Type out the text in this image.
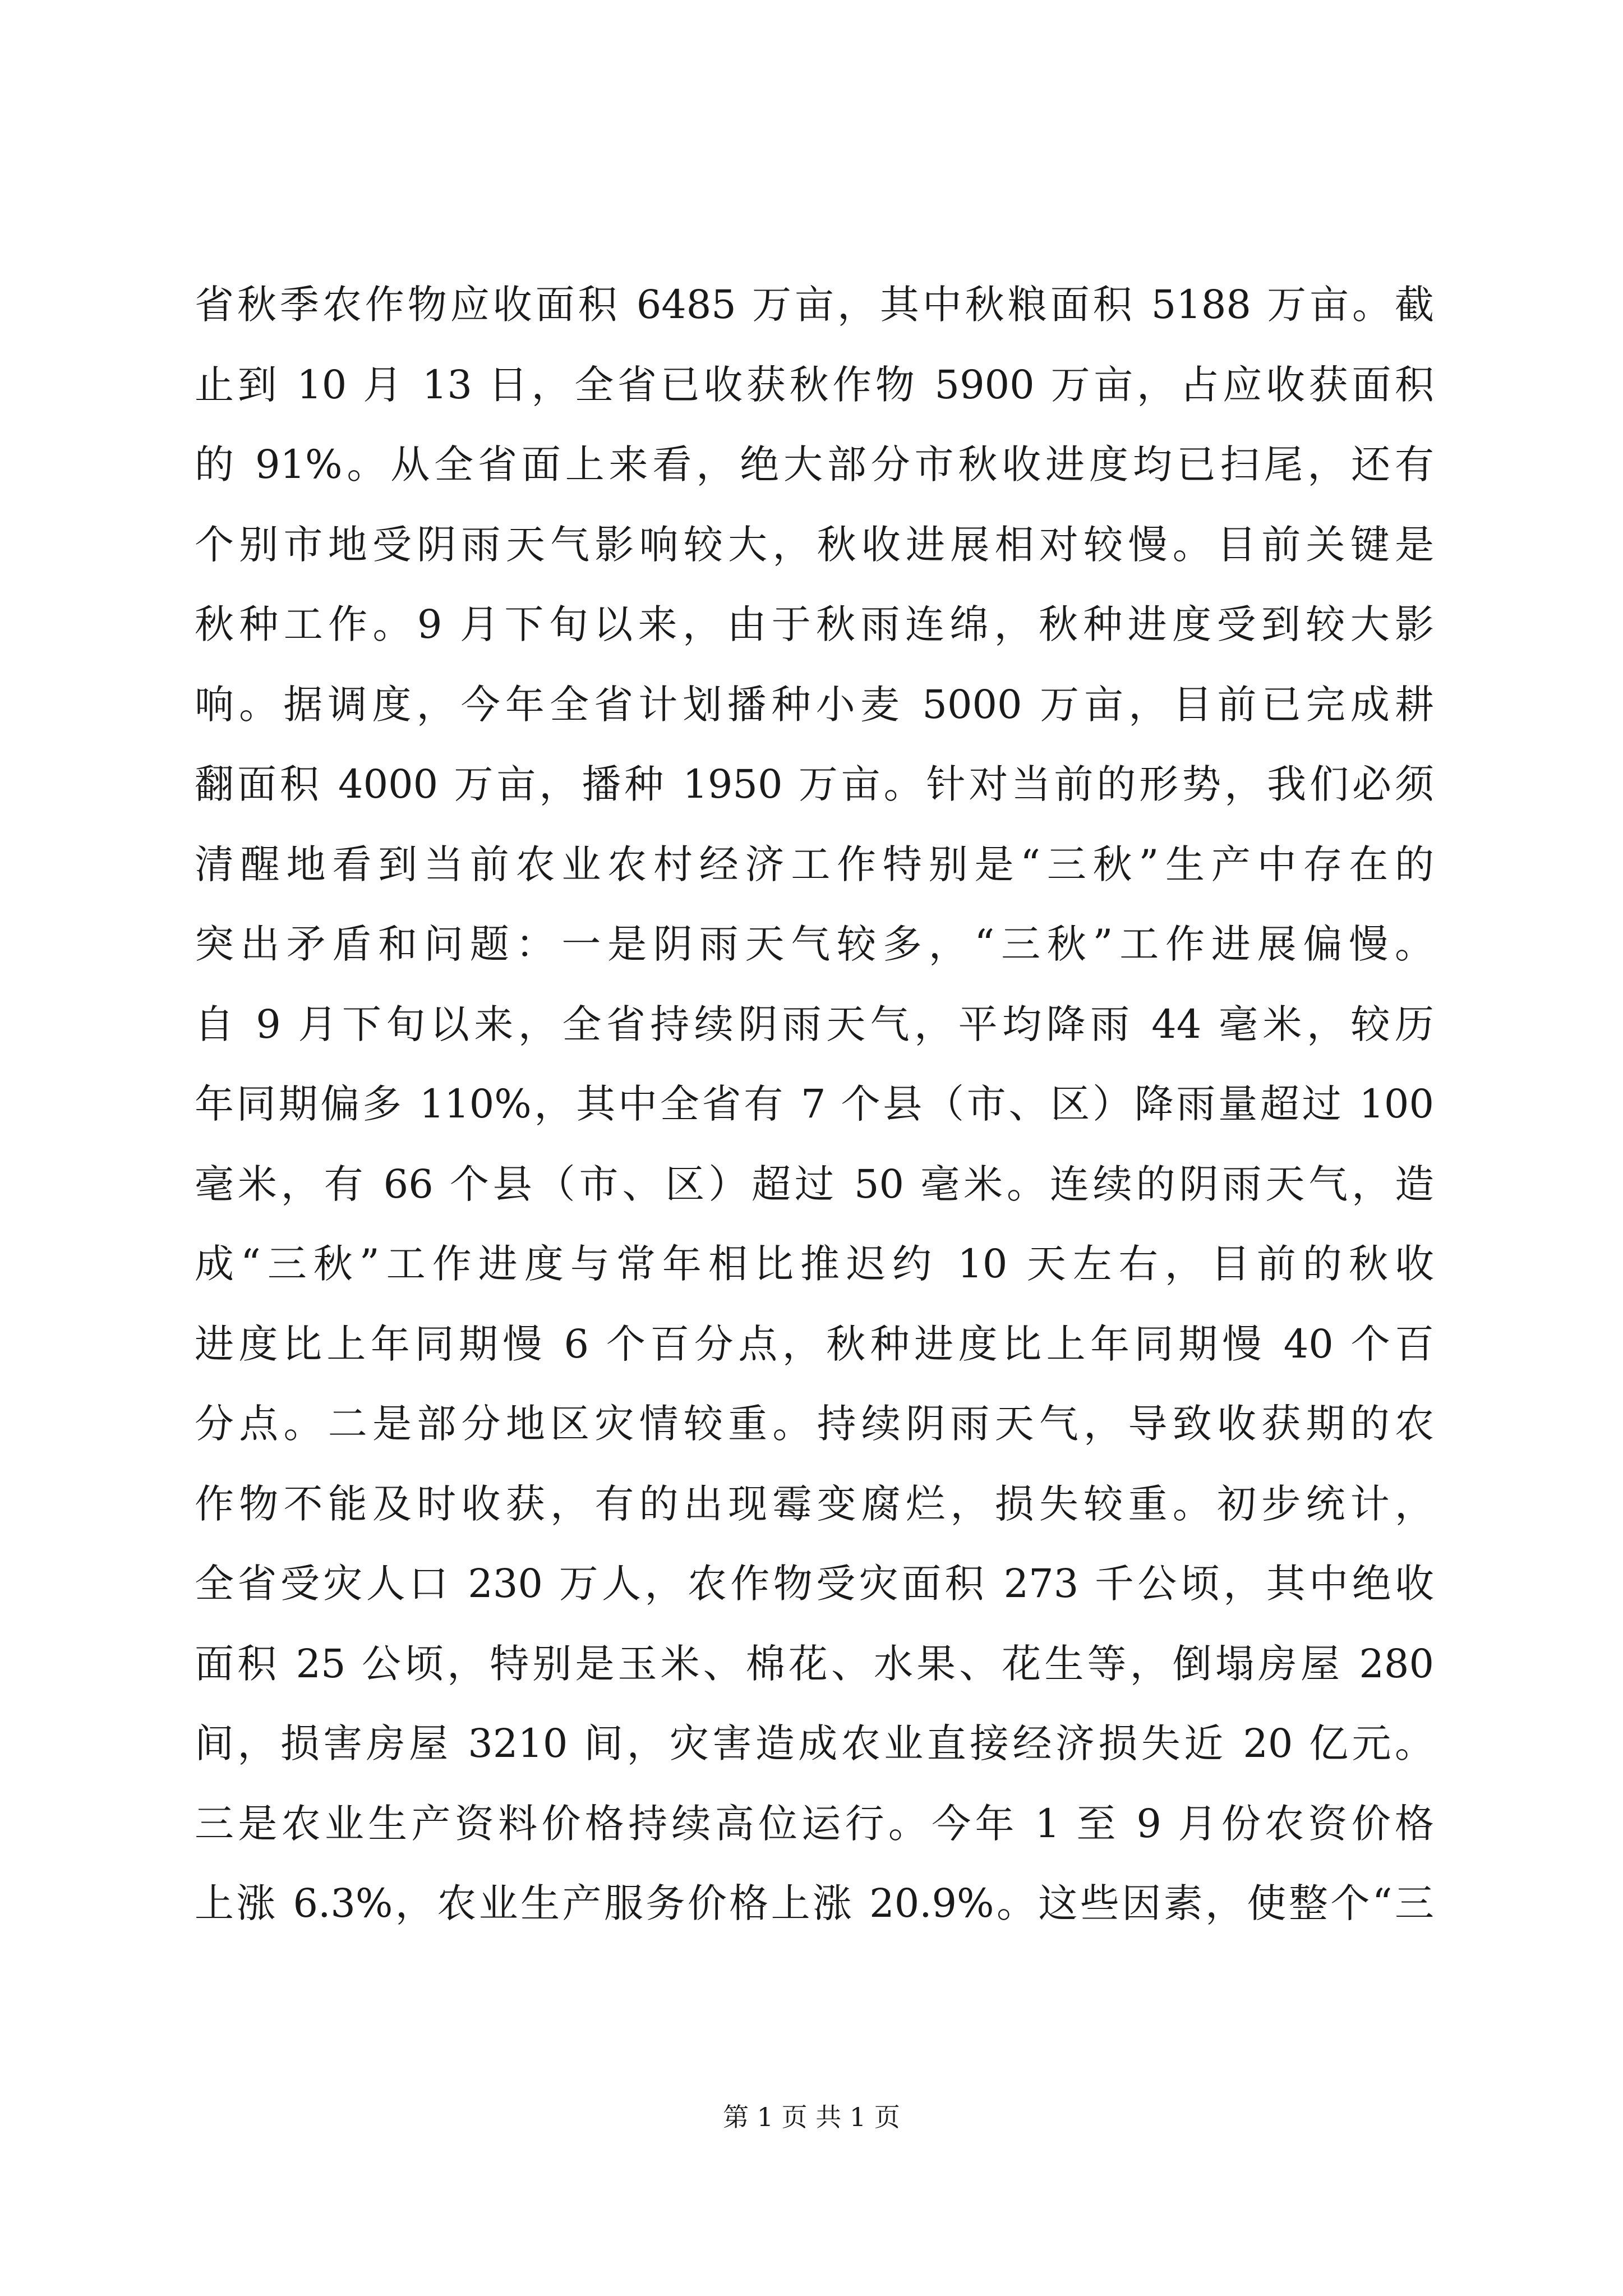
省秋季农作物应收面积 6485 万亩，其中秋粮面积 5188 万亩。截
止到 10 月 13 日，全省已收获秋作物 5900 万亩，占应收获面积
的 91%。从全省面上来看，绝大部分市秋收进度均已扫尾，还有
个别市地受阴雨天气影响较大，秋收进展相对较慢。目前关键是
秋种工作。9 月下旬以来，由于秋雨连绵，秋种进度受到较大影
响。据调度，今年全省计划播种小麦 5000 万亩，目前已完成耕
翻面积 4000 万亩，播种 1950 万亩。针对当前的形势，我们必须
清醒地看到当前农业农村经济工作特别是“三秋”生产中存在的
突出矛盾和问题：一是阴雨天气较多，“三秋”工作进展偏慢。
自 9 月下旬以来，全省持续阴雨天气，平均降雨 44 毫米，较历
年同期偏多 110%，其中全省有 7 个县（市、区）降雨量超过 100
毫米，有 66 个县（市、区）超过 50 毫米。连续的阴雨天气，造
成“三秋”工作进度与常年相比推迟约 10 天左右，目前的秋收
进度比上年同期慢 6 个百分点，秋种进度比上年同期慢 40 个百
分点。二是部分地区灾情较重。持续阴雨天气，导致收获期的农
作物不能及时收获，有的出现霉变腐烂，损失较重。初步统计，
全省受灾人口 230 万人，农作物受灾面积 273 千公顷，其中绝收
面积 25 公顷，特别是玉米、棉花、水果、花生等，倒塌房屋 280
间，损害房屋 3210 间，灾害造成农业直接经济损失近 20 亿元。
三是农业生产资料价格持续高位运行。今年 1 至 9 月份农资价格
上涨 6.3%，农业生产服务价格上涨 20.9%。这些因素，使整个“三
第 1 页 共 1 页
